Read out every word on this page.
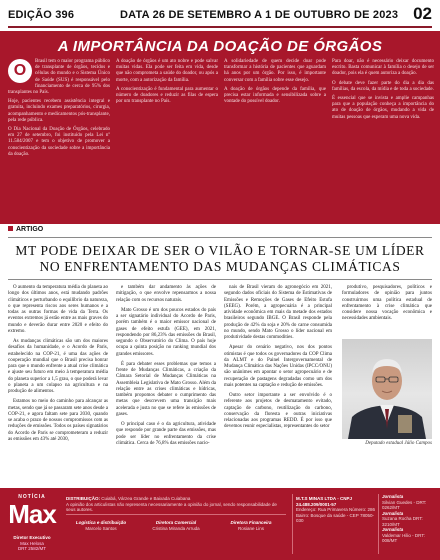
EDIÇÃO 396	DATA 26 DE SETEMBRO A 1 DE OUTUBRO DE 2023 02
A IMPORTÂNCIA DA DOAÇÃO DE ÓRGÃOS

O
Brasil tem o maior programa público de transplante de órgãos, tecidos e células do mundo e o Sistema Único de Saúde (SUS) é responsável pelo financiamento de cerca de 95% dos transplantes no País.

Hoje, pacientes recebem assistência integral e gratuita, incluindo exames preparatórios, cirurgia, acompanhamento e medicamentos pós-transplante, pela rede pública.

O Dia Nacional da Doação de Órgãos, celebrado em 27 de setembro, foi instituído pela Lei nº 11.584/2007 e tem o objetivo de promover a conscientização da sociedade sobre a importância da doação.

A doação de órgãos é um ato nobre e pode salvar muitas vidas. Ela pode ser feita em vida, desde que não comprometa a saúde do doador, ou após a morte, com a autorização da família.

A conscientização é fundamental para aumentar o número de doadores e reduzir as filas de espera por um transplante no País.

A solidariedade de quem decide doar pode transformar a história de pacientes que aguardam há anos por um órgão. Por isso, é importante conversar com a família sobre esse desejo.

A doação de órgãos depende da família, que precisa estar informada e sensibilizada sobre a vontade do possível doador.

Para doar, não é necessário deixar documento escrito. Basta comunicar à família o desejo de ser doador, pois ela é quem autoriza a doação.

O debate deve fazer parte do dia a dia das famílias, da escola, da mídia e de toda a sociedade.

É essencial que se invista e amplie campanhas para que a população conheça a importância do ato de doação de órgãos, mudando a vida de muitas pessoas que esperam uma nova vida.

ARTIGO
MT PODE DEIXAR DE SER O VILÃO E TORNAR-SE UM LÍDER NO ENFRENTAMENTO DAS MUDANÇAS CLIMÁTICAS

O aumento da temperatura média do planeta ao longo dos últimos anos, está mudando padrões climáticos e perturbando o equilíbrio da natureza, o que representa riscos aos seres humanos e a todas as outras formas de vida da Terra. Os eventos extremos já estão entre as mais graves do mundo e deverão durar entre 2020 e efeito do extremo.

As mudanças climáticas são um dos maiores desafios da humanidade, e o Acordo de Paris, estabelecido na COP-21, é uma das ações de cooperação mundial que o Brasil precisa honrar para que o mundo enfrente a atual crise climática e ajuste seu futuro em meio à temperatura média do planeta superior a 1,5 grau, o que poderá levar o planeta a um colapso na agricultura e na produção de alimentos.

Estamos no meio do caminho para alcançar as metas, sendo que já se passaram sete anos desde a COP-21, e agora faltam sete para 2030, quando se acaba o prazo de nossos compromissos com as reduções de emissões. Todos os países signatários do Acordo de Paris se comprometeram a reduzir as emissões em 43% até 2030,

e também dar andamento às ações de mitigação, o que envolve repensarmos a nossa relação com os recursos naturais.

Mato Grosso é um dos poucos estados do país a ser signatário individual do Acordo de Paris, porém também é o maior emissor nacional de gases de efeito estufa (GEE), em 2021, respondendo por 86,23% das emissões do Brasil, segundo o Observatório do Clima. O país hoje ocupa a quinta posição no ranking mundial dos grandes emissores.

É para debater esses problemas que temos a frente de Mudanças Climáticas, a criação da Câmara Setorial de Mudanças Climáticas na Assembleia Legislativa de Mato Grosso. Além da relação entre as crises climáticas e hídricas, também propomos debater o cumprimento das metas que descrevem uma transição mais acelerada e justa no que se refere às emissões de gases.

O principal caso é o da agricultura, atividade que responde por grande parte das emissões, mas pode ser líder no enfrentamento da crise climática. Cerca de 76,8% das emissões nacio-

nais de Brasil vieram do agronegócio em 2021, segundo dados oficiais do Sistema de Estimativas de Emissões e Remoções de Gases de Efeito Estufa (SEEG). Porém, a agropecuária é a principal atividade econômica em mais da metade dos estados brasileiros segundo IBGE. O Brasil responde pela produção de 42% da soja e 20% do carne consumida no mundo, sendo Mato Grosso o líder nacional em produtividade destas commodities.

Apesar do cenário negativo, nos dos pontos otimistas é que todos os governadores da COP Clima da ALMT e do Painel Intergovernamental de Mudança Climática das Nações Unidas (IPCC/ONU) são unânimes em apontar o setor agropecuário e de recuperação de pastagens degradadas como um dos mais potentes na captação e redução de emissões.

Outro setor importante a ser envolvido é o referente aos projetos de desmatamento evitado, captação de carbono, reutilização do carbono, conservação da floresta e outras iniciativas relacionadas aos programas REDD. É por isso que devemos reunir especialistas, representantes do setor

produtivo, pesquisadores, políticos e formuladores de opinião para juntos construirmos uma política estadual de enfrentamento à crise climática que considere nossa vocação econômica e necessidades ambientais.

Deputado estadual Júlio Campos
NOTÍCIA
Max
Diretor Executivo
Max Helosa
DRT 2582/MT
DISTRIBUIÇÃO: Cuiabá, Várzea Grande e Baixada Cuiabana
A opinião dos articulistas não representa necessariamente a opinião do jornal, sendo responsabilidade de seus autores.
Logística e distribuição
Marcelo Santos
Diretora Comercial
Cristina Miranda Arruda
Diretora Financeira
Rosiane Lins
M.T.S MINAS LTDA - CNPJ 24.488.209/0001-57
Endereço: Rua Primavera Número: 286
Bairro: Bosque da saúde - CEP 78050-030
Jornalista
Silvian Guedes - DRT: 0262/MT
Jornalista
Suzana Rocha DRT: 3210/MT
Jornalista
Valdemar Hilio - DRT: 008/MT
